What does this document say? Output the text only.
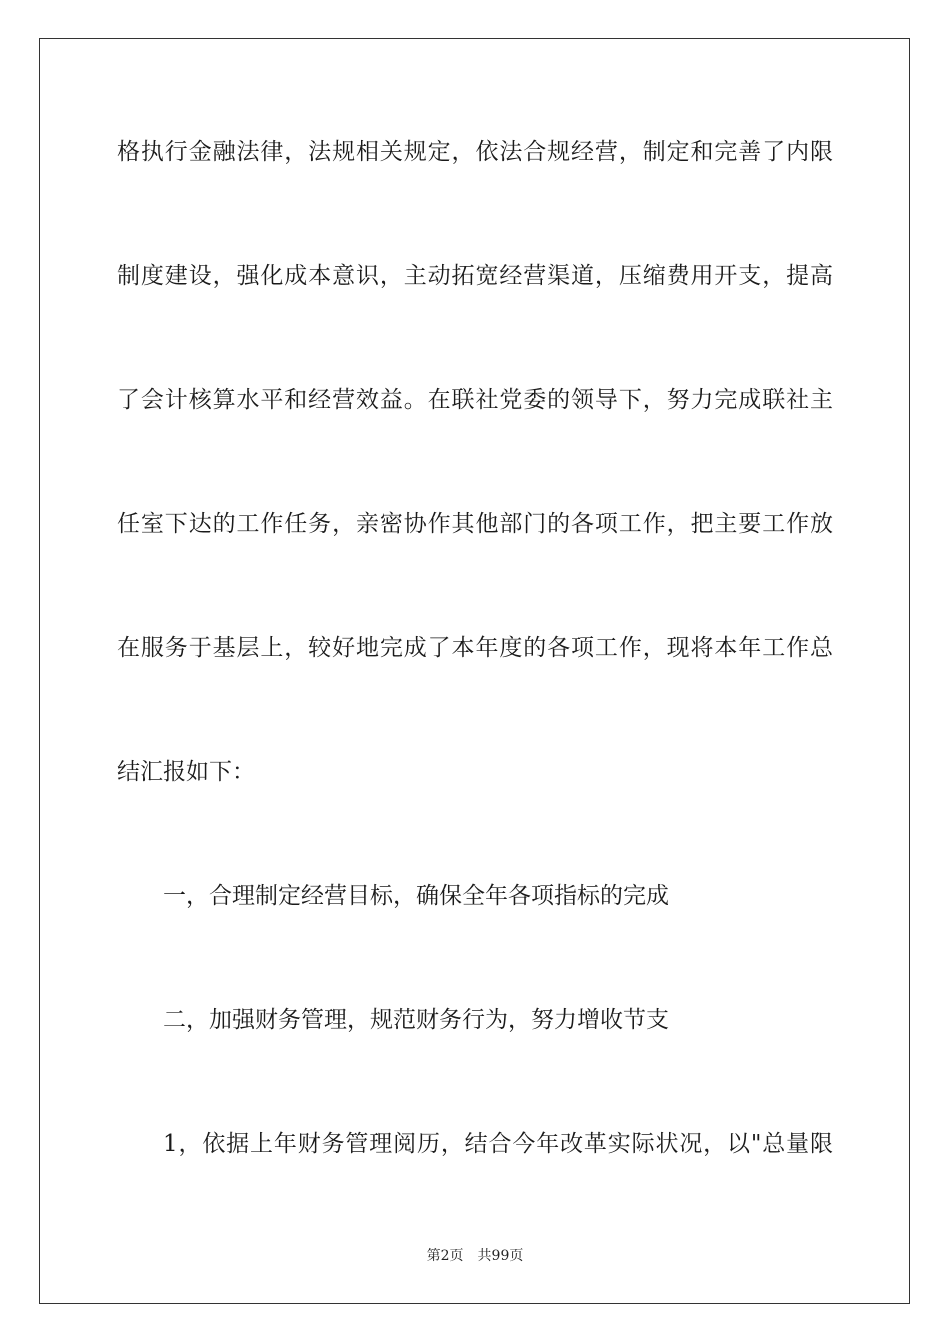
格执行金融法律，法规相关规定，依法合规经营，制定和完善了内限
制度建设，强化成本意识，主动拓宽经营渠道，压缩费用开支，提高
了会计核算水平和经营效益。在联社党委的领导下，努力完成联社主
任室下达的工作任务，亲密协作其他部门的各项工作，把主要工作放
在服务于基层上，较好地完成了本年度的各项工作，现将本年工作总
结汇报如下：
一，合理制定经营目标，确保全年各项指标的完成
二，加强财务管理，规范财务行为，努力增收节支
1，依据上年财务管理阅历，结合今年改革实际状况，以"总量限
第2页 共99页
